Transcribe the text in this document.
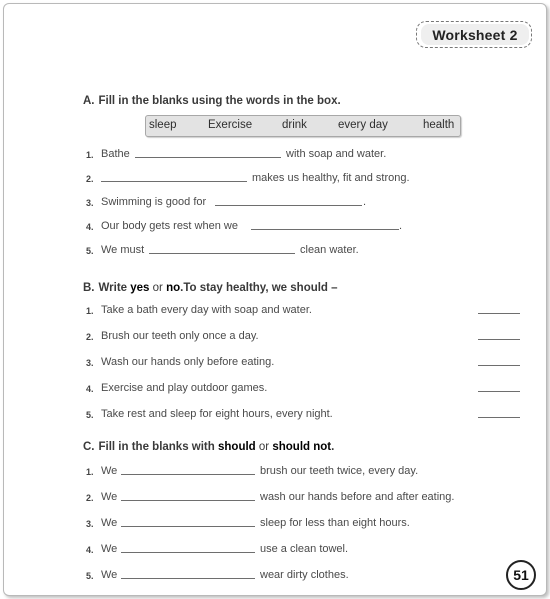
Worksheet 2
A. Fill in the blanks using the words in the box.
sleep	Exercise	drink	every day	health
1. Bathe	with soap and water.
2.	makes us healthy, fit and strong.
3. Swimming is good for	.
4. Our body gets rest when we	.
5. We must	clean water.
B. Write yes or no.To stay healthy, we should –
1. Take a bath every day with soap and water.
2. Brush our teeth only once a day.
3. Wash our hands only before eating.
4. Exercise and play outdoor games.
5. Take rest and sleep for eight hours, every night.
C. Fill in the blanks with should or should not.
1. We	brush our teeth twice, every day.
2. We	wash our hands before and after eating.
3. We	sleep for less than eight hours.
4. We	use a clean towel.
5. We	wear dirty clothes.	51
